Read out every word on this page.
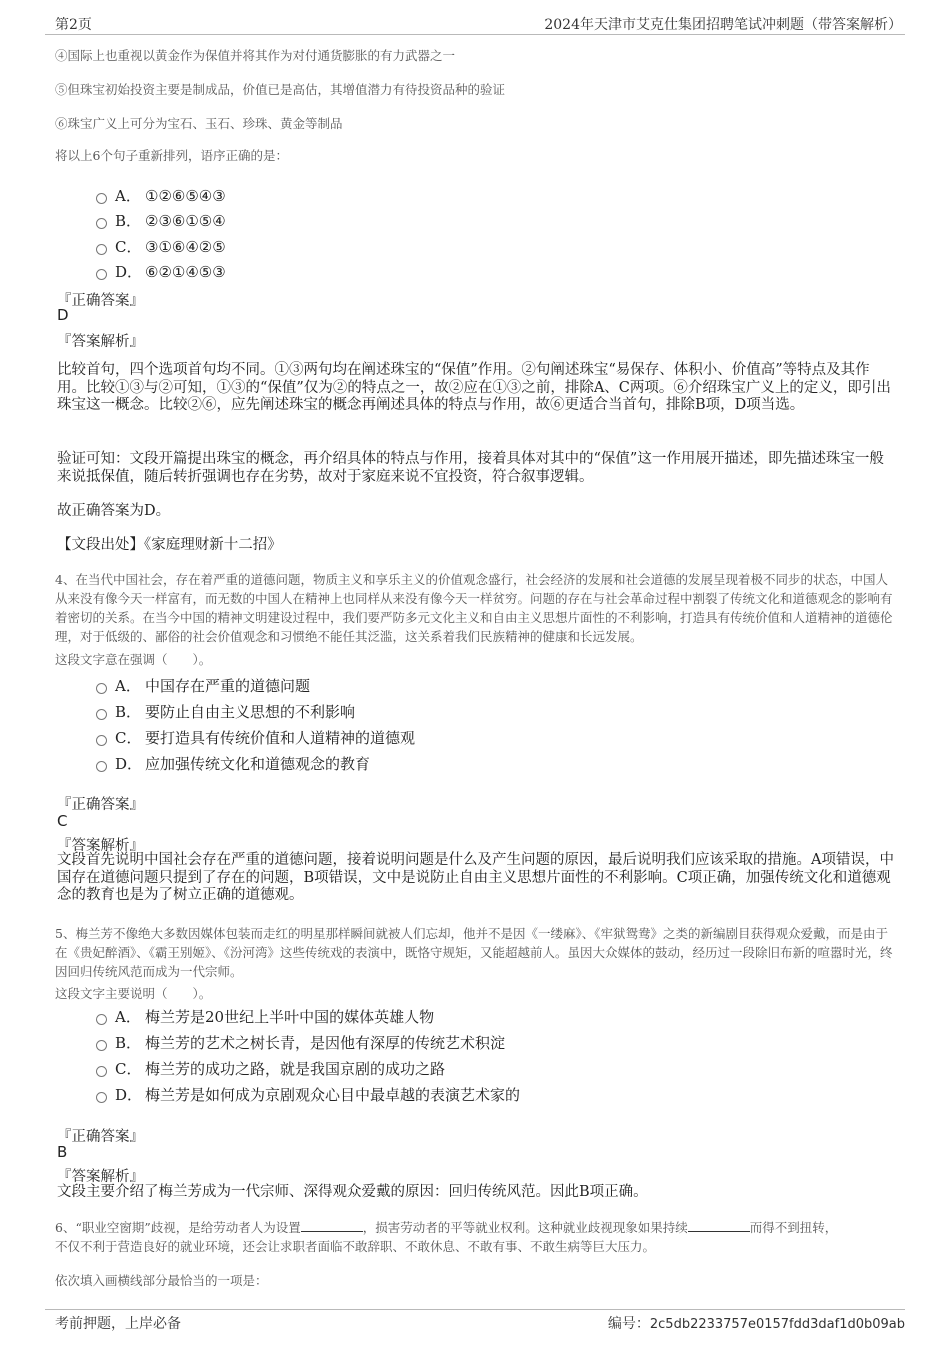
第2页	2024年天津市艾克仕集团招聘笔试冲刺题（带答案解析）
④国际上也重视以黄金作为保值并将其作为对付通货膨胀的有力武器之一
⑤但珠宝初始投资主要是制成品，价值已是高估，其增值潜力有待投资品种的验证
⑥珠宝广义上可分为宝石、玉石、珍珠、黄金等制品
将以上6个句子重新排列，语序正确的是：
A． ①②⑥⑤④③
B． ②③⑥①⑤④
C． ③①⑥④②⑤
D． ⑥②①④⑤③
『正确答案』
D
『答案解析』
比较首句，四个选项首句均不同。①③两句均在阐述珠宝的“保值”作用。②句阐述珠宝“易保存、体积小、价值高”等特点及其作用。比较①③与②可知，①③的“保值”仅为②的特点之一，故②应在①③之前，排除A、C两项。⑥介绍珠宝广义上的定义，即引出珠宝这一概念。比较②⑥，应先阐述珠宝的概念再阐述具体的特点与作用，故⑥更适合当首句，排除B项，D项当选。
验证可知：文段开篇提出珠宝的概念，再介绍具体的特点与作用，接着具体对其中的“保值”这一作用展开描述，即先描述珠宝一般来说抵保值，随后转折强调也存在劣势，故对于家庭来说不宜投资，符合叙事逻辑。
故正确答案为D。
【文段出处】《家庭理财新十二招》
4、在当代中国社会，存在着严重的道德问题，物质主义和享乐主义的价值观念盛行，社会经济的发展和社会道德的发展呈现着极不同步的状态，中国人从来没有像今天一样富有，而无数的中国人在精神上也同样从来没有像今天一样贫穷。问题的存在与社会革命过程中割裂了传统文化和道德观念的影响有着密切的关系。在当今中国的精神文明建设过程中，我们要严防多元文化主义和自由主义思想片面性的不利影响，打造具有传统价值和人道精神的道德伦理，对于低级的、鄙俗的社会价值观念和习惯绝不能任其泛滥，这关系着我们民族精神的健康和长远发展。
这段文字意在强调（　　）。
A． 中国存在严重的道德问题
B． 要防止自由主义思想的不利影响
C． 要打造具有传统价值和人道精神的道德观
D． 应加强传统文化和道德观念的教育
『正确答案』
C
『答案解析』
文段首先说明中国社会存在严重的道德问题，接着说明问题是什么及产生问题的原因，最后说明我们应该采取的措施。A项错误，中国存在道德问题只提到了存在的问题，B项错误，文中是说防止自由主义思想片面性的不利影响。C项正确，加强传统文化和道德观念的教育也是为了树立正确的道德观。
5、梅兰芳不像绝大多数因媒体包装而走红的明星那样瞬间就被人们忘却，他并不是因《一缕麻》、《牢狱鸳鸯》之类的新编剧目获得观众爱戴，而是由于在《贵妃醉酒》、《霸王别姬》、《汾河湾》这些传统戏的表演中，既恪守规矩，又能超越前人。虽因大众媒体的鼓动，经历过一段除旧布新的喧嚣时光，终因回归传统风范而成为一代宗师。
这段文字主要说明（　　）。
A． 梅兰芳是20世纪上半叶中国的媒体英雄人物
B． 梅兰芳的艺术之树长青，是因他有深厚的传统艺术积淀
C． 梅兰芳的成功之路，就是我国京剧的成功之路
D． 梅兰芳是如何成为京剧观众心目中最卓越的表演艺术家的
『正确答案』
B
『答案解析』
文段主要介绍了梅兰芳成为一代宗师、深得观众爱戴的原因：回归传统风范。因此B项正确。
6、“职业空窗期”歧视，是给劳动者人为设置	，损害劳动者的平等就业权利。这种就业歧视现象如果持续	而得不到扭转，
不仅不利于营造良好的就业环境，还会让求职者面临不敢辞职、不敢休息、不敢有事、不敢生病等巨大压力。
依次填入画横线部分最恰当的一项是：
考前押题，上岸必备	编号：2c5db2233757e0157fdd3daf1d0b09ab
